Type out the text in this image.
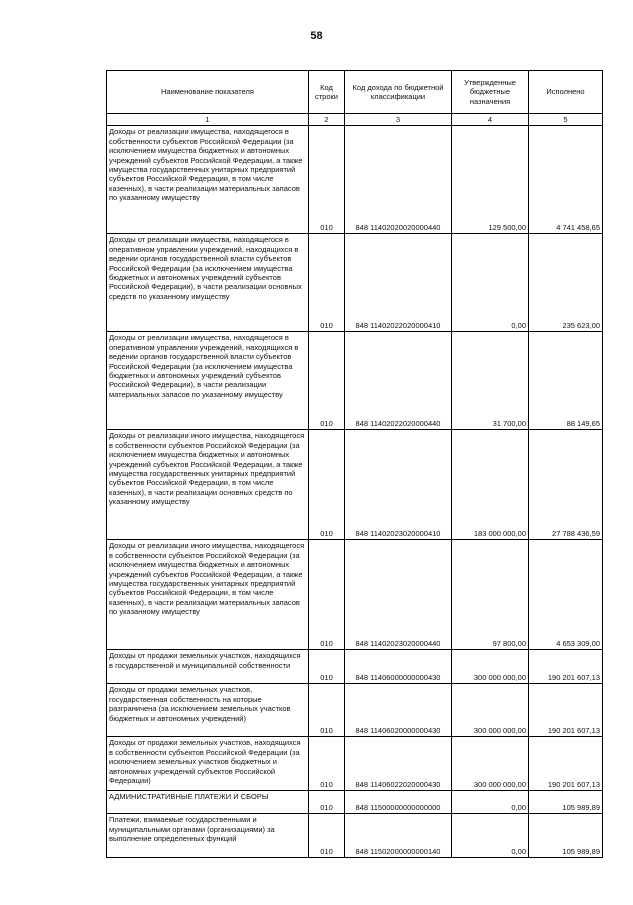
58
Наименование показателя	Код строки	Код дохода по бюджетной классификации	Утвержденные бюджетные назначения	Исполнено
1	2	3	4	5
Доходы от реализации имущества, находящегося в собственности субъектов Российской Федерации (за исключением имущества бюджетных и автономных учреждений субъектов Российской Федерации, а также имущества государственных унитарных предприятий субъектов Российской Федерации, в том числе казенных), в части реализации материальных запасов по указанному имуществу	010	848 11402020020000440	129 500,00	4 741 458,65
Доходы от реализации имущества, находящегося в оперативном управлении учреждений, находящихся в ведении органов государственной власти субъектов Российской Федерации (за исключением имущества бюджетных и автономных учреждений субъектов Российской Федерации), в части реализации основных средств по указанному имуществу	010	848 11402022020000410	0,00	235 623,00
Доходы от реализации имущества, находящегося в оперативном управлении учреждений, находящихся в ведении органов государственной власти субъектов Российской Федерации (за исключением имущества бюджетных и автономных учреждений субъектов Российской Федерации), в части реализации материальных запасов по указанному имуществу	010	848 11402022020000440	31 700,00	88 149,65
Доходы от реализации иного имущества, находящегося в собственности субъектов Российской Федерации (за исключением имущества бюджетных и автономных учреждений субъектов Российской Федерации, а также имущества государственных унитарных предприятий субъектов Российской Федерации, в том числе казенных), в части реализации основных средств по указанному имуществу	010	848 11402023020000410	183 000 000,00	27 788 436,59
Доходы от реализации иного имущества, находящегося в собственности субъектов Российской Федерации (за исключением имущества бюджетных и автономных учреждений субъектов Российской Федерации, а также имущества государственных унитарных предприятий субъектов Российской Федерации, в том числе казенных), в части реализации материальных запасов по указанному имуществу	010	848 11402023020000440	97 800,00	4 653 309,00
Доходы от продажи земельных участков, находящихся в государственной и муниципальной собственности	010	848 11406000000000430	300 000 000,00	190 201 607,13
Доходы от продажи земельных участков, государственная собственность на которые разграничена (за исключением земельных участков бюджетных и автономных учреждений)	010	848 11406020000000430	300 000 000,00	190 201 607,13
Доходы от продажи земельных участков, находящихся в собственности субъектов Российской Федерации (за исключением земельных участков бюджетных и автономных учреждений субъектов Российской Федерации)	010	848 11406022020000430	300 000 000,00	190 201 607,13
АДМИНИСТРАТИВНЫЕ ПЛАТЕЖИ И СБОРЫ	010	848 11500000000000000	0,00	105 989,89
Платежи, взимаемые государственными и муниципальными органами (организациями) за выполнение определенных функций	010	848 11502000000000140	0,00	105 989,89
